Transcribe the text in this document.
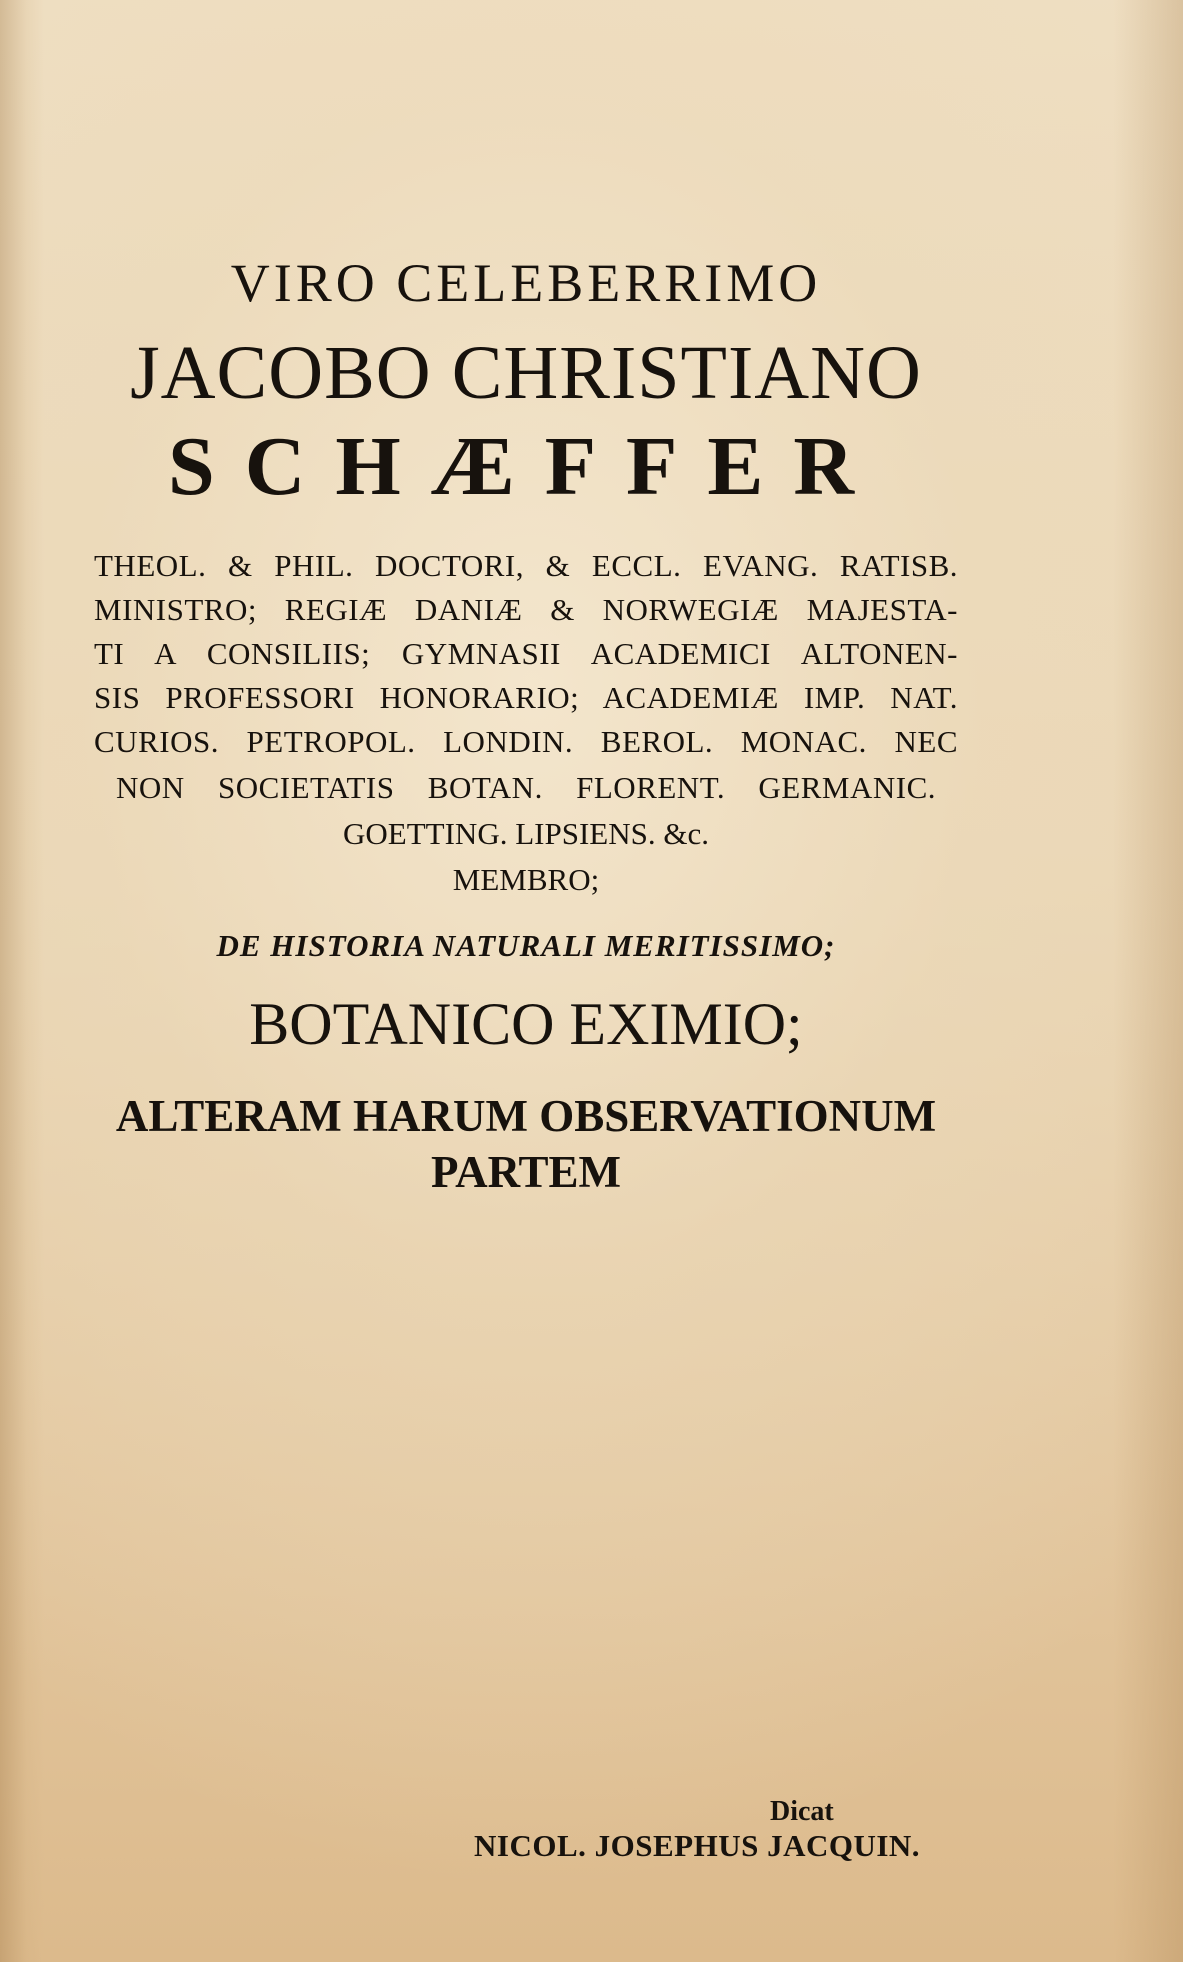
VIRO CELEBERRIMO
JACOBO CHRISTIANO
SCHÆFFER
THEOL. & PHIL. DOCTORI, & ECCL. EVANG. RATISB.
MINISTRO; REGIÆ DANIÆ & NORWEGIÆ MAJESTA-
TI A CONSILIIS; GYMNASII ACADEMICI ALTONEN-
SIS PROFESSORI HONORARIO; ACADEMIÆ IMP. NAT.
CURIOS. PETROPOL. LONDIN. BEROL. MONAC. NEC
NON SOCIETATIS BOTAN. FLORENT. GERMANIC.
GOETTING. LIPSIENS. &c.
MEMBRO;
DE HISTORIA NATURALI MERITISSIMO;
BOTANICO EXIMIO;
ALTERAM HARUM OBSERVATIONUM
PARTEM
Dicat
NICOL. JOSEPHUS JACQUIN.
